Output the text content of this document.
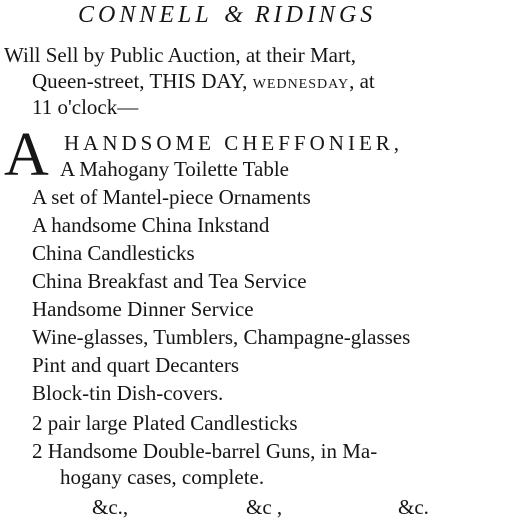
CONNELL & RIDINGS
Will Sell by Public Auction, at their Mart,
Queen-street, THIS DAY, WEDNESDAY, at
11 o'clock—
A HANDSOME CHEFFONIER,
A Mahogany Toilette Table
A set of Mantel-piece Ornaments
A handsome China Inkstand
China Candlesticks
China Breakfast and Tea Service
Handsome Dinner Service
Wine-glasses, Tumblers, Champagne-glasses
Pint and quart Decanters
Block-tin Dish-covers.
2 pair large Plated Candlesticks
2 Handsome Double-barrel Guns, in Ma-
hogany cases, complete.
&c.,	&c ,	&c.
